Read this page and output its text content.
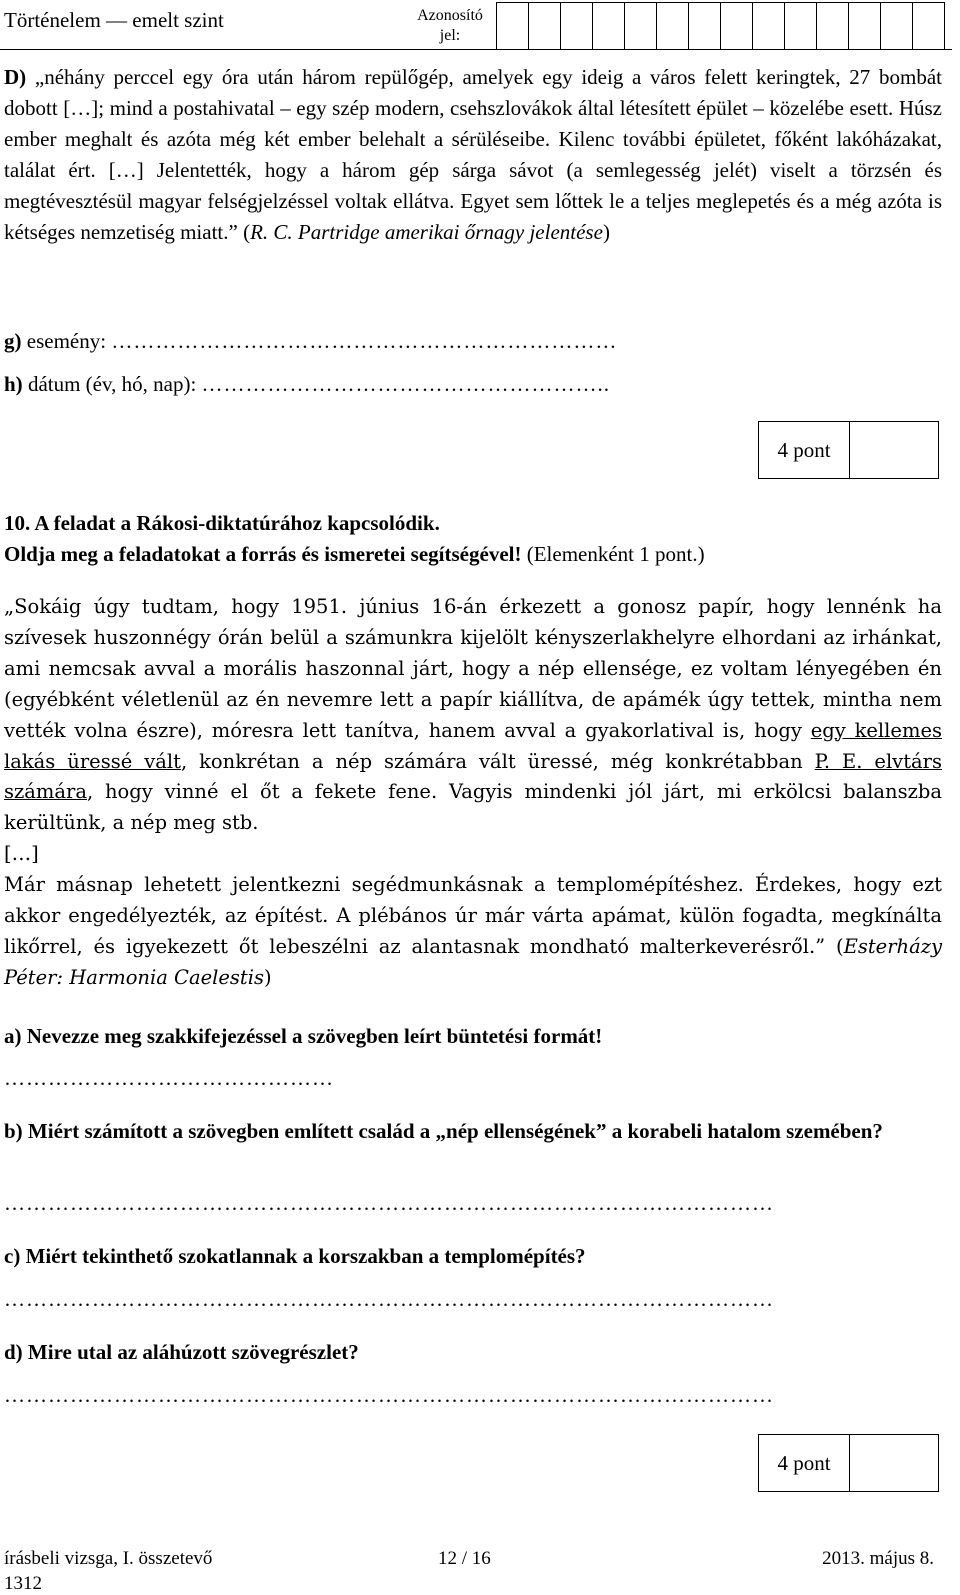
Történelem — emelt szint	Azonosító jel:

D) „néhány perccel egy óra után három repülőgép, amelyek egy ideig a város felett keringtek, 27 bombát dobott […]; mind a postahivatal – egy szép modern, csehszlovákok által létesített épület – közelébe esett. Húsz ember meghalt és azóta még két ember belehalt a sérüléseibe. Kilenc további épületet, főként lakóházakat, találat ért. […] Jelentették, hogy a három gép sárga sávot (a semlegesség jelét) viselt a törzsén és megtévesztésül magyar felségjelzéssel voltak ellátva. Egyet sem lőttek le a teljes meglepetés és a még azóta is kétséges nemzetiség miatt.” (R. C. Partridge amerikai őrnagy jelentése)

g) esemény: ……………………………………………………………
h) dátum (év, hó, nap): ………………………………………………..
4 pont

10. A feladat a Rákosi-diktatúrához kapcsolódik.

Oldja meg a feladatokat a forrás és ismeretei segítségével! (Elemenként 1 pont.)

„Sokáig úgy tudtam, hogy 1951. június 16-án érkezett a gonosz papír, hogy lennénk ha szívesek huszonnégy órán belül a számunkra kijelölt kényszerlakhelyre elhordani az irhánkat, ami nemcsak avval a morális haszonnal járt, hogy a nép ellensége, ez voltam lényegében én (egyébként véletlenül az én nevemre lett a papír kiállítva, de apámék úgy tettek, mintha nem vették volna észre), móresra lett tanítva, hanem avval a gyakorlatival is, hogy egy kellemes lakás üressé vált, konkrétan a nép számára vált üressé, még konkrétabban P. E. elvtárs számára, hogy vinné el őt a fekete fene. Vagyis mindenki jól járt, mi erkölcsi balanszba kerültünk, a nép meg stb.

[…]

Már másnap lehetett jelentkezni segédmunkásnak a templomépítéshez. Érdekes, hogy ezt akkor engedélyezték, az építést. A plébános úr már várta apámat, külön fogadta, megkínálta likőrrel, és igyekezett őt lebeszélni az alantasnak mondható malterkeverésről.” (Esterházy Péter: Harmonia Caelestis)

a) Nevezze meg szakkifejezéssel a szövegben leírt büntetési formát!
………………………………………
b) Miért számított a szövegben említett család a „nép ellenségének” a korabeli hatalom szemében?
……………………………………………………………………………………………
c) Miért tekinthető szokatlannak a korszakban a templomépítés?
……………………………………………………………………………………………
d) Mire utal az aláhúzott szövegrészlet?
……………………………………………………………………………………………
4 pont
írásbeli vizsga, I. összetevő	12 / 16	2013. május 8.
1312
